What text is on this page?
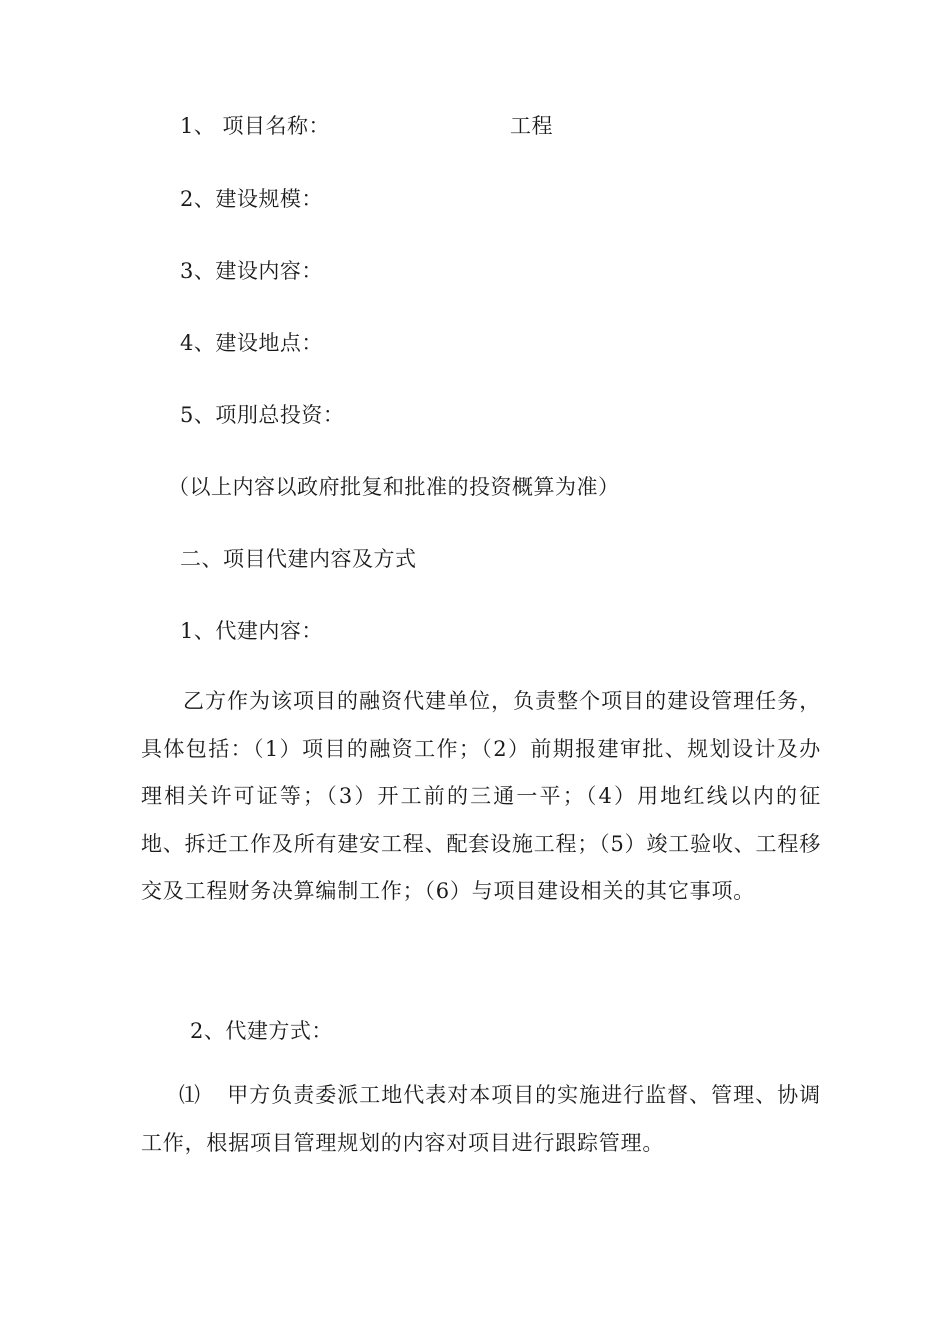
1、 项目名称：	工程
2、建设规模：
3、建设内容：
4、建设地点：
5、项刖总投资：
（以上内容以政府批复和批准的投资概算为准）
二、项目代建内容及方式
1、代建内容：
乙方作为该项目的融资代建单位，负责整个项目的建设管理任务，具体包括：（1）项目的融资工作；（2）前期报建审批、规划设计及办理相关许可证等；（3）开工前的三通一平；（4）用地红线以内的征地、拆迁工作及所有建安工程、配套设施工程；（5）竣工验收、工程移交及工程财务决算编制工作；（6）与项目建设相关的其它事项。
2、代建方式：
⑴ 甲方负责委派工地代表对本项目的实施进行监督、管理、协调工作，根据项目管理规划的内容对项目进行跟踪管理。
